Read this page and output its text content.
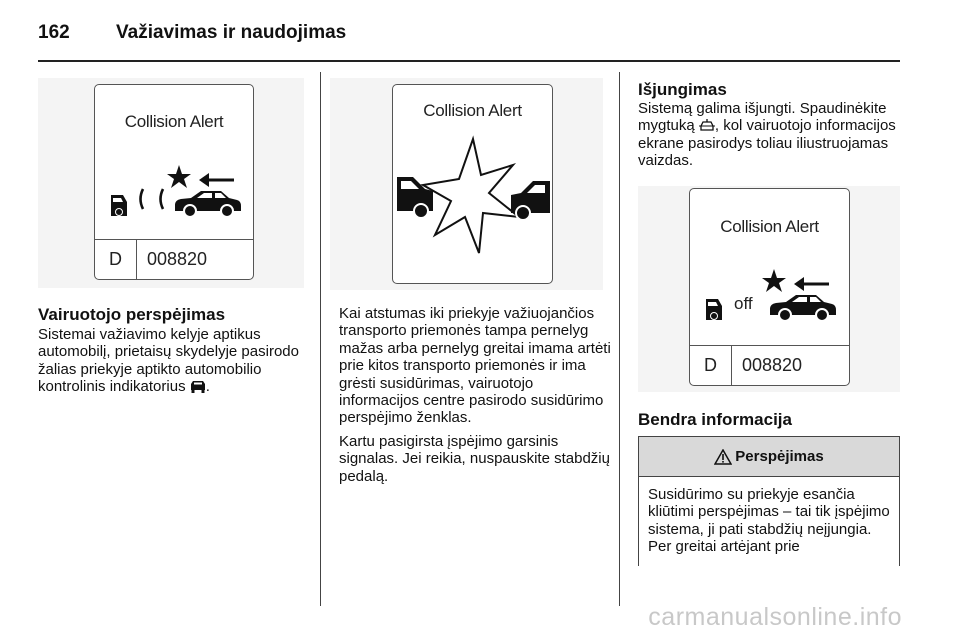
162	Važiavimas ir naudojimas
Collision Alert
D	008820
Vairuotojo perspėjimas
Sistemai važiavimo kelyje aptikus automobilį, prietaisų skydelyje pasirodo žalias priekyje aptikto automobilio kontrolinis indikatorius .
Collision Alert

Kai atstumas iki priekyje važiuojančios transporto priemonės tampa pernelyg mažas arba pernelyg greitai imama artėti prie kitos transporto priemonės ir ima grėsti susidūrimas, vairuotojo informacijos centre pasirodo susidūrimo perspėjimo ženklas.

Kartu pasigirsta įspėjimo garsinis signalas. Jei reikia, nuspauskite stabdžių pedalą.

Išjungimas
Sistemą galima išjungti. Spaudinėkite mygtuką , kol vairuotojo informacijos ekrane pasirodys toliau iliustruojamas vaizdas.
Collision Alert
off
D	008820
Bendra informacija
Perspėjimas
Susidūrimo su priekyje esančia kliūtimi perspėjimas – tai tik įspėjimo sistema, ji pati stabdžių neįjungia. Per greitai artėjant prie
carmanualsonline.info
